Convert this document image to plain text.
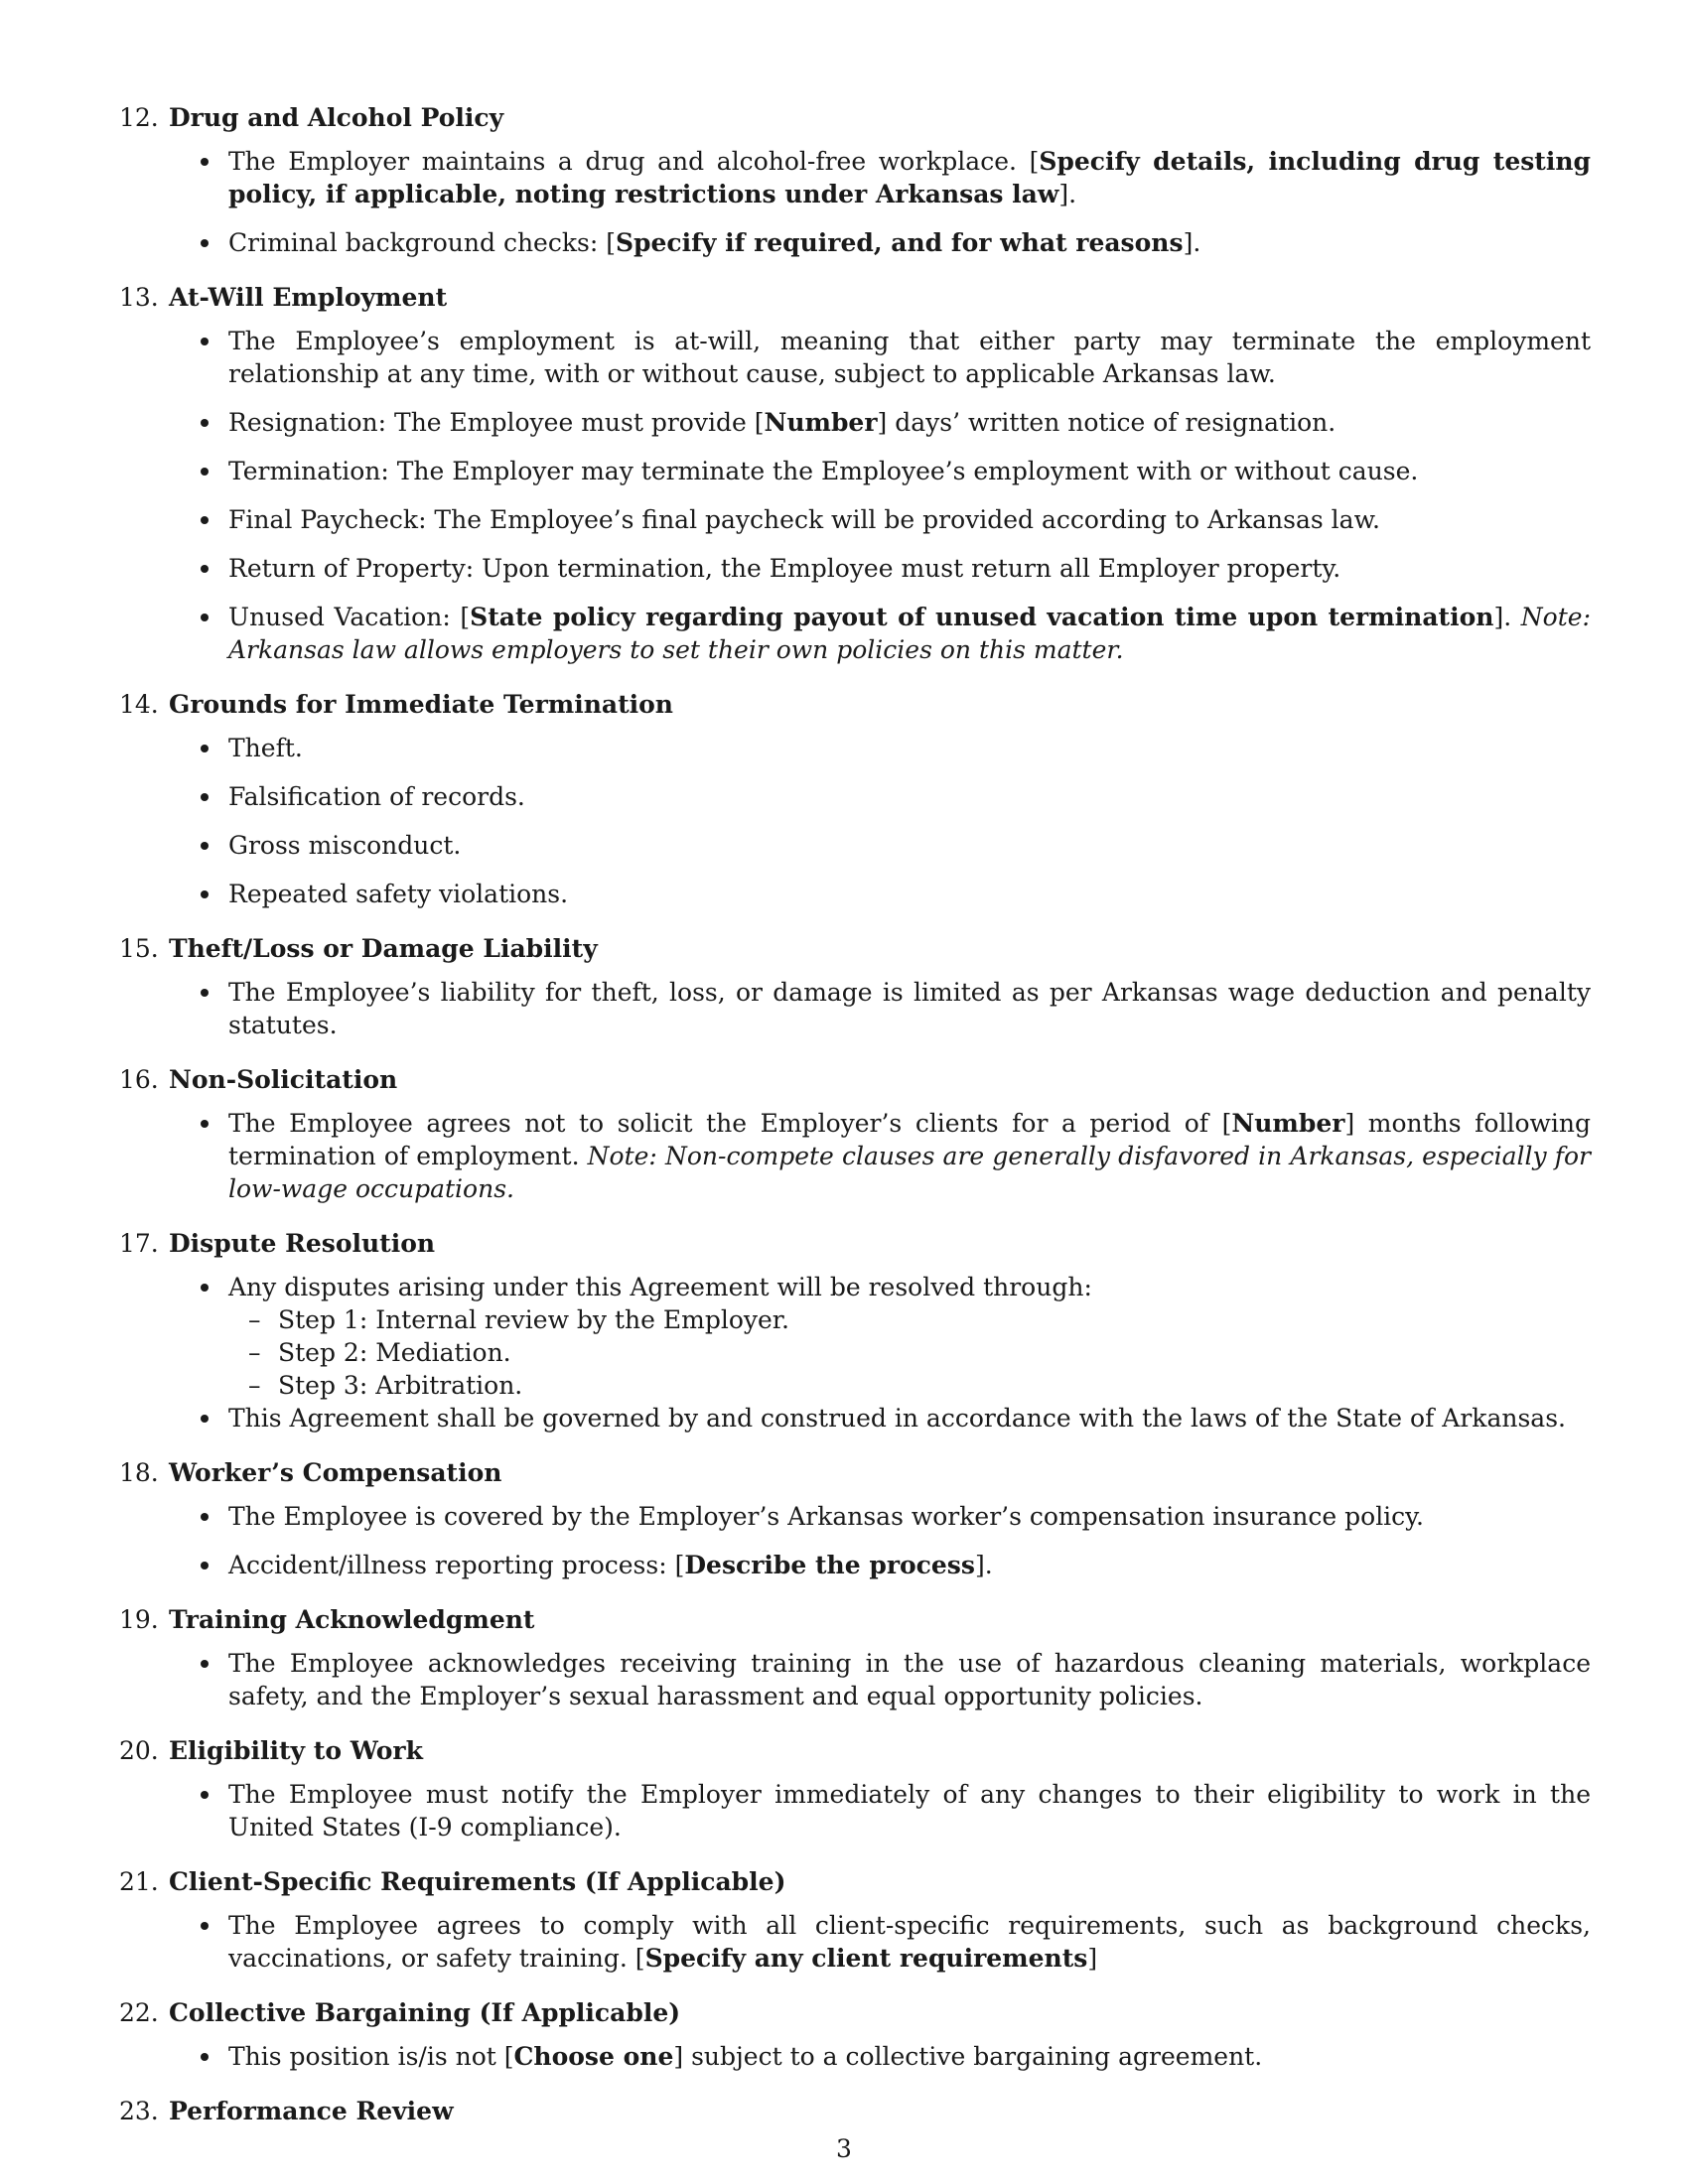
12. Drug and Alcohol Policy
The Employer maintains a drug and alcohol-free workplace. [Specify details, including drug testing policy, if applicable, noting restrictions under Arkansas law].
Criminal background checks: [Specify if required, and for what reasons].
13. At-Will Employment
The Employee’s employment is at-will, meaning that either party may terminate the employment relationship at any time, with or without cause, subject to applicable Arkansas law.
Resignation: The Employee must provide [Number] days’ written notice of resignation.
Termination: The Employer may terminate the Employee’s employment with or without cause.
Final Paycheck: The Employee’s final paycheck will be provided according to Arkansas law.
Return of Property: Upon termination, the Employee must return all Employer property.
Unused Vacation: [State policy regarding payout of unused vacation time upon termination]. Note: Arkansas law allows employers to set their own policies on this matter.
14. Grounds for Immediate Termination
Theft.
Falsification of records.
Gross misconduct.
Repeated safety violations.
15. Theft/Loss or Damage Liability
The Employee’s liability for theft, loss, or damage is limited as per Arkansas wage deduction and penalty statutes.
16. Non-Solicitation
The Employee agrees not to solicit the Employer’s clients for a period of [Number] months following termination of employment. Note: Non-compete clauses are generally disfavored in Arkansas, especially for low-wage occupations.
17. Dispute Resolution
Any disputes arising under this Agreement will be resolved through:
– Step 1: Internal review by the Employer.
– Step 2: Mediation.
– Step 3: Arbitration.
This Agreement shall be governed by and construed in accordance with the laws of the State of Arkansas.
18. Worker’s Compensation
The Employee is covered by the Employer’s Arkansas worker’s compensation insurance policy.
Accident/illness reporting process: [Describe the process].
19. Training Acknowledgment
The Employee acknowledges receiving training in the use of hazardous cleaning materials, workplace safety, and the Employer’s sexual harassment and equal opportunity policies.
20. Eligibility to Work
The Employee must notify the Employer immediately of any changes to their eligibility to work in the United States (I-9 compliance).
21. Client-Specific Requirements (If Applicable)
The Employee agrees to comply with all client-specific requirements, such as background checks, vaccinations, or safety training. [Specify any client requirements]
22. Collective Bargaining (If Applicable)
This position is/is not [Choose one] subject to a collective bargaining agreement.
23. Performance Review
3
